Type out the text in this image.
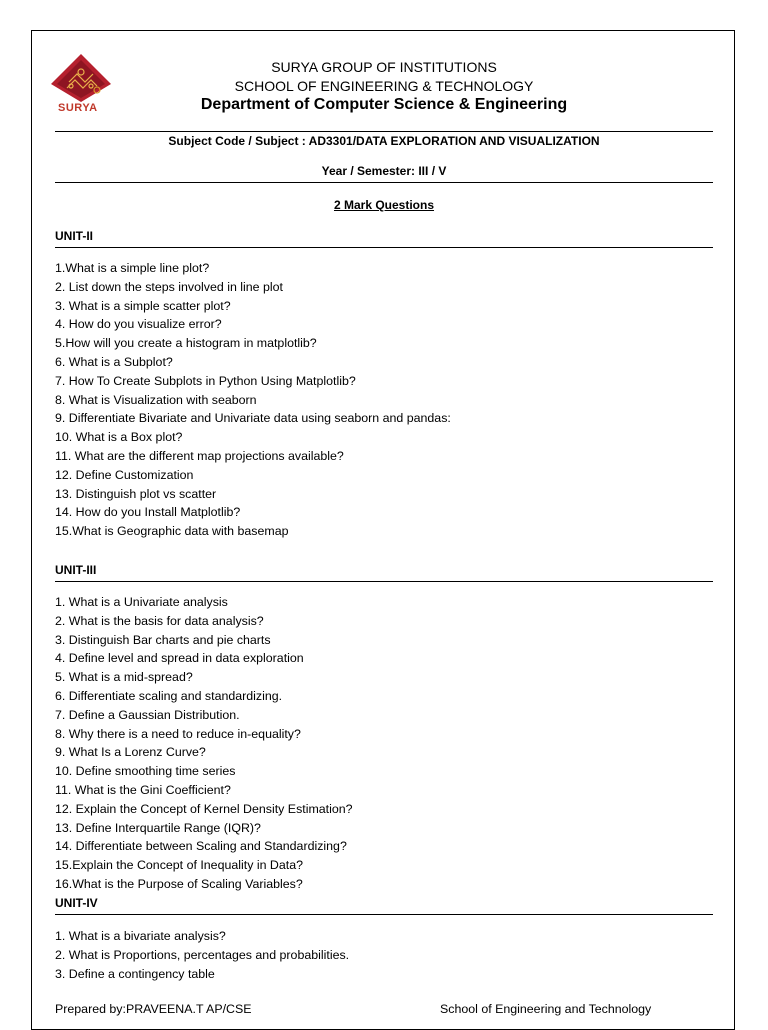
SURYA
SURYA GROUP OF INSTITUTIONS
SCHOOL OF ENGINEERING & TECHNOLOGY
Department of Computer Science & Engineering
Subject Code / Subject : AD3301/DATA EXPLORATION AND VISUALIZATION
Year / Semester: III / V
2 Mark Questions
UNIT-II
1.What is a simple line plot?
2. List down the steps involved in line plot
3. What is a simple scatter plot?
4. How do you visualize error?
5.How will you create a histogram in matplotlib?
6. What is a Subplot?
7. How To Create Subplots in Python Using Matplotlib?
8. What is Visualization with seaborn
9. Differentiate Bivariate and Univariate data using seaborn and pandas:
10. What is a Box plot?
11. What are the different map projections available?
12. Define Customization
13. Distinguish plot vs scatter
14. How do you Install Matplotlib?
15.What is Geographic data with basemap
UNIT-III
1. What is a Univariate analysis
2. What is the basis for data analysis?
3. Distinguish Bar charts and pie charts
4. Define level and spread in data exploration
5. What is a mid-spread?
6. Differentiate scaling and standardizing.
7. Define a Gaussian Distribution.
8. Why there is a need to reduce in-equality?
9. What Is a Lorenz Curve?
10. Define smoothing time series
11. What is the Gini Coefficient?
12. Explain the Concept of Kernel Density Estimation?
13. Define Interquartile Range (IQR)?
14. Differentiate between Scaling and Standardizing?
15.Explain the Concept of Inequality in Data?
16.What is the Purpose of Scaling Variables?
UNIT-IV
1. What is a bivariate analysis?
2. What is Proportions, percentages and probabilities.
3. Define a contingency table
Prepared by:PRAVEENA.T AP/CSE	School of Engineering and Technology
